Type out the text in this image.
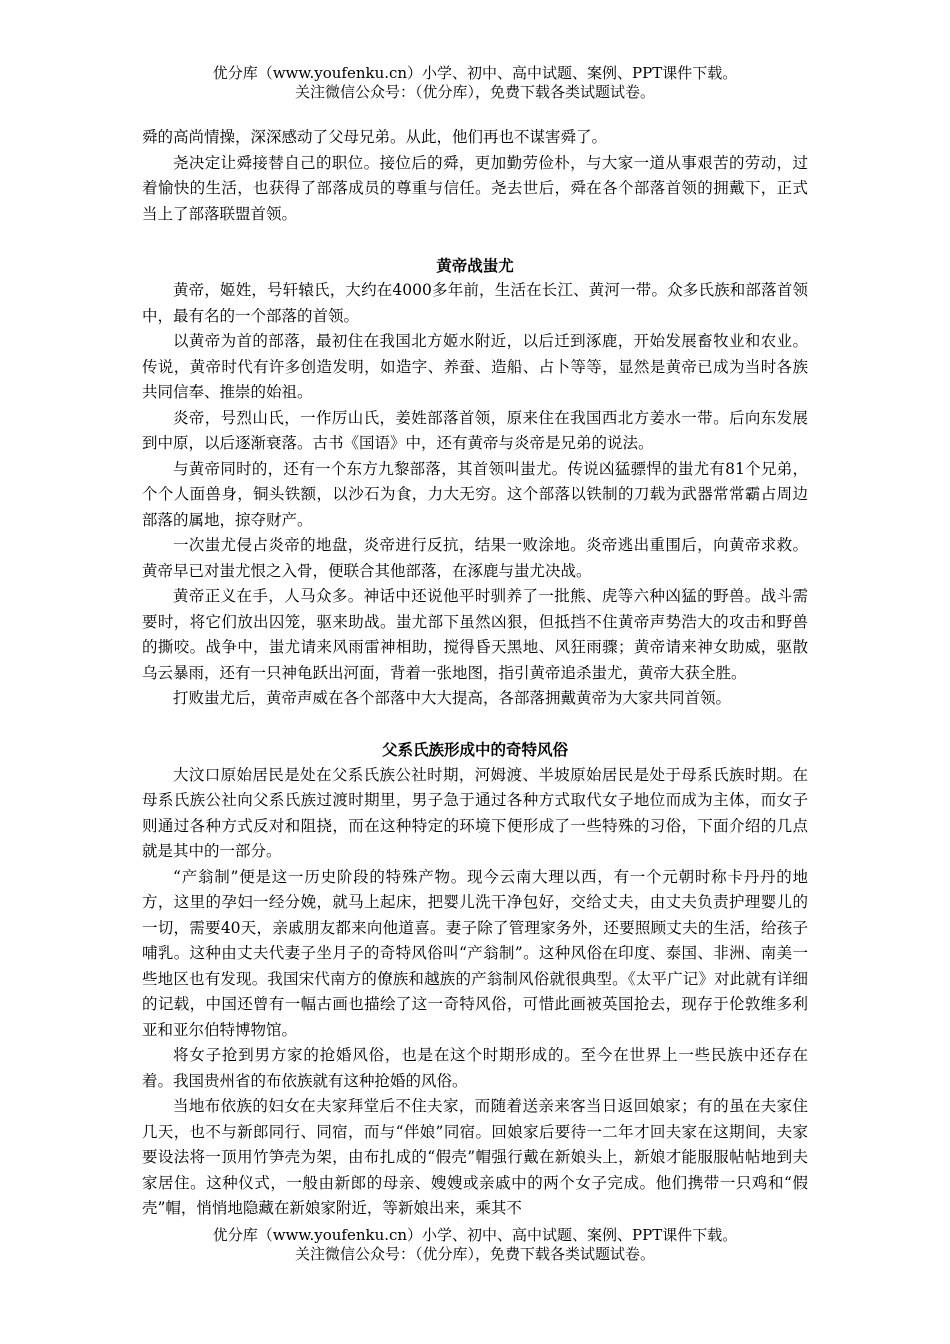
优分库（www.youfenku.cn）小学、初中、高中试题、案例、PPT课件下载。
关注微信公众号：（优分库），免费下载各类试题试卷。

舜的高尚情操，深深感动了父母兄弟。从此，他们再也不谋害舜了。

尧决定让舜接替自己的职位。接位后的舜，更加勤劳俭朴，与大家一道从事艰苦的劳动，过着愉快的生活，也获得了部落成员的尊重与信任。尧去世后，舜在各个部落首领的拥戴下，正式当上了部落联盟首领。

黄帝战蚩尤

黄帝，姬姓，号轩辕氏，大约在4000多年前，生活在长江、黄河一带。众多氏族和部落首领中，最有名的一个部落的首领。

以黄帝为首的部落，最初住在我国北方姬水附近，以后迁到涿鹿，开始发展畜牧业和农业。传说，黄帝时代有许多创造发明，如造字、养蚕、造船、占卜等等，显然是黄帝已成为当时各族共同信奉、推崇的始祖。

炎帝，号烈山氏，一作厉山氏，姜姓部落首领，原来住在我国西北方姜水一带。后向东发展到中原，以后逐渐衰落。古书《国语》中，还有黄帝与炎帝是兄弟的说法。

与黄帝同时的，还有一个东方九黎部落，其首领叫蚩尤。传说凶猛骠悍的蚩尤有81个兄弟，个个人面兽身，铜头铁额，以沙石为食，力大无穷。这个部落以铁制的刀载为武器常常霸占周边部落的属地，掠夺财产。

一次蚩尤侵占炎帝的地盘，炎帝进行反抗，结果一败涂地。炎帝逃出重围后，向黄帝求救。黄帝早已对蚩尤恨之入骨，便联合其他部落，在涿鹿与蚩尤决战。

黄帝正义在手，人马众多。神话中还说他平时驯养了一批熊、虎等六种凶猛的野兽。战斗需要时，将它们放出囚笼，驱来助战。蚩尤部下虽然凶狠，但抵挡不住黄帝声势浩大的攻击和野兽的撕咬。战争中，蚩尤请来风雨雷神相助，搅得昏天黑地、风狂雨骤；黄帝请来神女助威，驱散乌云暴雨，还有一只神龟跃出河面，背着一张地图，指引黄帝追杀蚩尤，黄帝大获全胜。

打败蚩尤后，黄帝声威在各个部落中大大提高，各部落拥戴黄帝为大家共同首领。

父系氏族形成中的奇特风俗

大汶口原始居民是处在父系氏族公社时期，河姆渡、半坡原始居民是处于母系氏族时期。在母系氏族公社向父系氏族过渡时期里，男子急于通过各种方式取代女子地位而成为主体，而女子则通过各种方式反对和阻挠，而在这种特定的环境下便形成了一些特殊的习俗，下面介绍的几点就是其中的一部分。

“产翁制”便是这一历史阶段的特殊产物。现今云南大理以西，有一个元朝时称卡丹丹的地方，这里的孕妇一经分娩，就马上起床，把婴儿洗干净包好，交给丈夫，由丈夫负责护理婴儿的一切，需要40天，亲戚朋友都来向他道喜。妻子除了管理家务外，还要照顾丈夫的生活，给孩子哺乳。这种由丈夫代妻子坐月子的奇特风俗叫“产翁制”。这种风俗在印度、泰国、非洲、南美一些地区也有发现。我国宋代南方的僚族和越族的产翁制风俗就很典型。《太平广记》对此就有详细的记载，中国还曾有一幅古画也描绘了这一奇特风俗，可惜此画被英国抢去，现存于伦敦维多利亚和亚尔伯特博物馆。

将女子抢到男方家的抢婚风俗，也是在这个时期形成的。至今在世界上一些民族中还存在着。我国贵州省的布依族就有这种抢婚的风俗。

当地布依族的妇女在夫家拜堂后不住夫家，而随着送亲来客当日返回娘家；有的虽在夫家住几天，也不与新郎同行、同宿，而与“伴娘”同宿。回娘家后要待一二年才回夫家在这期间，夫家要设法将一顶用竹笋壳为架，由布扎成的“假壳”帽强行戴在新娘头上，新娘才能服服帖帖地到夫家居住。这种仪式，一般由新郎的母亲、嫂嫂或亲戚中的两个女子完成。他们携带一只鸡和“假壳”帽，悄悄地隐藏在新娘家附近，等新娘出来，乘其不

优分库（www.youfenku.cn）小学、初中、高中试题、案例、PPT课件下载。
关注微信公众号：（优分库），免费下载各类试题试卷。
